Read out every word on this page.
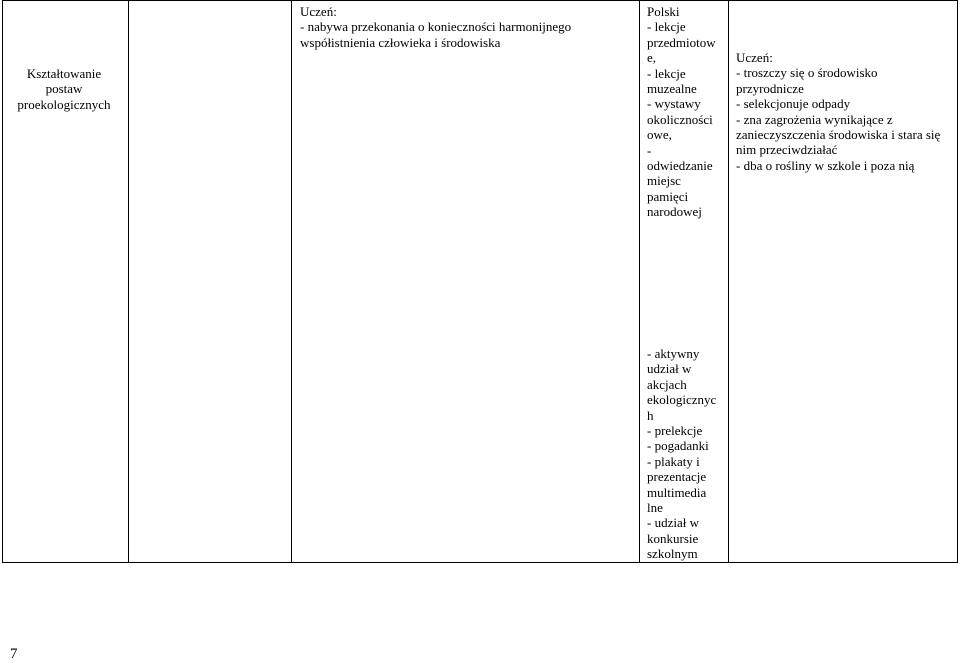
Kształtowanie
postaw
proekologicznych
Uczeń:
- nabywa przekonania o konieczności harmonijnego
współistnienia człowieka i środowiska
Polski
- lekcje
przedmiotow
e,
- lekcje
muzealne
- wystawy
okoliczności
owe,
-
odwiedzanie
miejsc
pamięci
narodowej
- aktywny
udział w
akcjach
ekologicznyc
h
- prelekcje
- pogadanki
- plakaty i
prezentacje
multimedia
lne
- udział w
konkursie
szkolnym
Uczeń:
- troszczy się o środowisko
przyrodnicze
- selekcjonuje odpady
- zna zagrożenia wynikające z
zanieczyszczenia środowiska i stara się
nim przeciwdziałać
- dba o rośliny w szkole i poza nią
7
